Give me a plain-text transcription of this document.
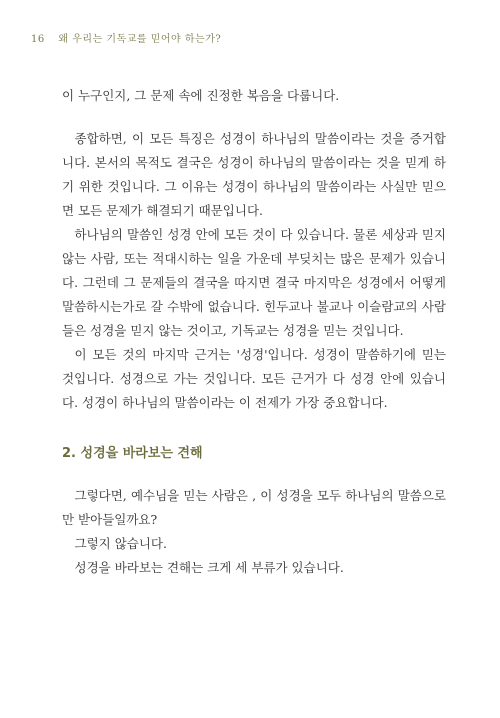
16 왜 우리는 기독교를 믿어야 하는가?

이 누구인지, 그 문제 속에 진정한 복음을 다룹니다.

종합하면, 이 모든 특징은 성경이 하나님의 말씀이라는 것을 증거합니다. 본서의 목적도 결국은 성경이 하나님의 말씀이라는 것을 믿게 하기 위한 것입니다. 그 이유는 성경이 하나님의 말씀이라는 사실만 믿으면 모든 문제가 해결되기 때문입니다.

하나님의 말씀인 성경 안에 모든 것이 다 있습니다. 물론 세상과 믿지 않는 사람, 또는 적대시하는 일을 가운데 부딪치는 많은 문제가 있습니다. 그런데 그 문제들의 결국을 따지면 결국 마지막은 성경에서 어떻게 말씀하시는가로 갈 수밖에 없습니다. 힌두교나 불교나 이슬람교의 사람들은 성경을 믿지 않는 것이고, 기독교는 성경을 믿는 것입니다.

이 모든 것의 마지막 근거는 '성경'입니다. 성경이 말씀하기에 믿는 것입니다. 성경으로 가는 것입니다. 모든 근거가 다 성경 안에 있습니다. 성경이 하나님의 말씀이라는 이 전제가 가장 중요합니다.

2. 성경을 바라보는 견해

그렇다면, 예수님을 믿는 사람은 , 이 성경을 모두 하나님의 말씀으로만 받아들일까요?

그렇지 않습니다.

성경을 바라보는 견해는 크게 세 부류가 있습니다.
